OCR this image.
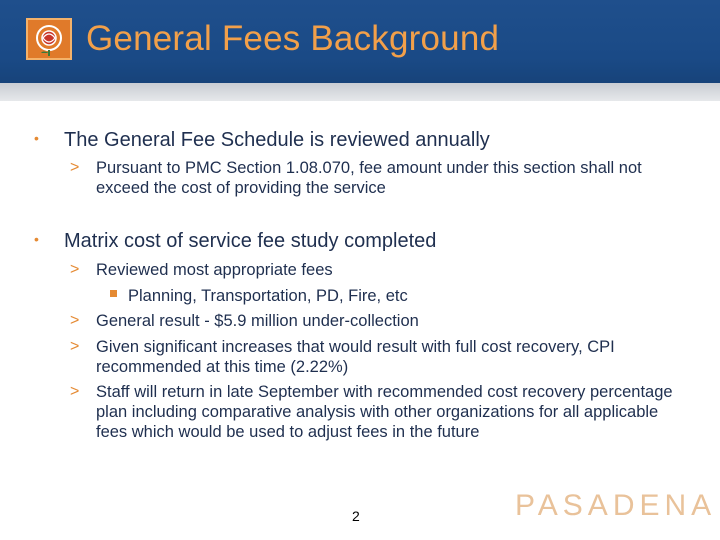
General Fees Background
• The General Fee Schedule is reviewed annually
> Pursuant to PMC Section 1.08.070, fee amount under this section shall not exceed the cost of providing the service
• Matrix cost of service fee study completed
> Reviewed most appropriate fees
Planning, Transportation, PD, Fire, etc
> General result - $5.9 million under-collection
> Given significant increases that would result with full cost recovery, CPI recommended at this time (2.22%)
> Staff will return in late September with recommended cost recovery percentage plan including comparative analysis with other organizations for all applicable fees which would be used to adjust fees in the future
2	PASADENA
